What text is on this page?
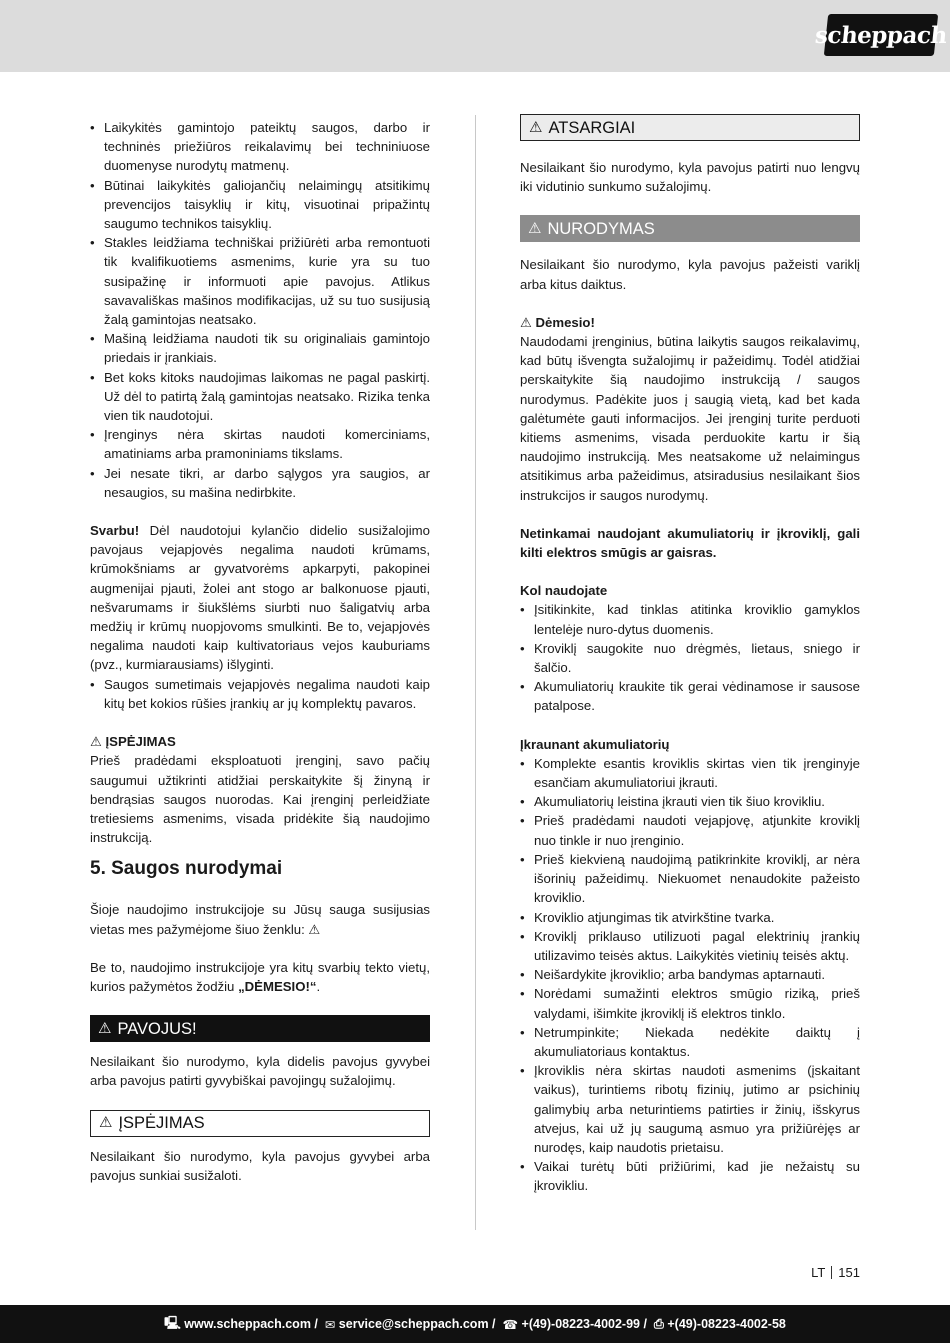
scheppach
• Laikykitės gamintojo pateiktų saugos, darbo ir techninės priežiūros reikalavimų bei techniniuose duomenyse nurodytų matmenų.
• Būtinai laikykitės galiojančių nelaimingų atsitikimų prevencijos taisyklių ir kitų, visuotinai pripažintų saugumo technikos taisyklių.
• Stakles leidžiama techniškai prižiūrėti arba remontuoti tik kvalifikuotiems asmenims, kurie yra su tuo susipažinę ir informuoti apie pavojus. Atlikus savavališkas mašinos modifikacijas, už su tuo susijusią žalą gamintojas neatsako.
• Mašiną leidžiama naudoti tik su originaliais gamintojo priedais ir įrankiais.
• Bet koks kitoks naudojimas laikomas ne pagal paskirtį. Už dėl to patirtą žalą gamintojas neatsako. Rizika tenka vien tik naudotojui.
• Įrenginys nėra skirtas naudoti komerciniams, amatiniams arba pramoniniams tikslams.
• Jei nesate tikri, ar darbo sąlygos yra saugios, ar nesaugios, su mašina nedirbkite.

Svarbu! Dėl naudotojui kylančio didelio susižalojimo pavojaus vejapjovės negalima naudoti krūmams, krūmokšniams ar gyvatvorėms apkarpyti, pakopinei augmenijai pjauti, žolei ant stogo ar balkonuose pjauti, nešvarumams ir šiukšlėms siurbti nuo šaligatvių arba medžių ir krūmų nuopjovoms smulkinti. Be to, vejapjovės negalima naudoti kaip kultivatoriaus vejos kauburiams (pvz., kurmiarausiams) išlyginti.

• Saugos sumetimais vejapjovės negalima naudoti kaip kitų bet kokios rūšies įrankių ar jų komplektų pavaros.

⚠ ĮSPĖJIMAS

Prieš pradėdami eksploatuoti įrenginį, savo pačių saugumui užtikrinti atidžiai perskaitykite šį žinyną ir bendrąsias saugos nuorodas. Kai įrenginį perleidžiate tretiesiems asmenims, visada pridėkite šią naudojimo instrukciją.

5. Saugos nurodymai

Šioje naudojimo instrukcijoje su Jūsų sauga susijusias vietas mes pažymėjome šiuo ženklu: ⚠

Be to, naudojimo instrukcijoje yra kitų svarbių tekto vietų, kurios pažymėtos žodžiu „DĖMESIO!“.

⚠ PAVOJUS!

Nesilaikant šio nurodymo, kyla didelis pavojus gyvybei arba pavojus patirti gyvybiškai pavojingų sužalojimų.

⚠ ĮSPĖJIMAS

Nesilaikant šio nurodymo, kyla pavojus gyvybei arba pavojus sunkiai susižaloti.

⚠ ATSARGIAI

Nesilaikant šio nurodymo, kyla pavojus patirti nuo lengvų iki vidutinio sunkumo sužalojimų.

⚠ NURODYMAS

Nesilaikant šio nurodymo, kyla pavojus pažeisti variklį arba kitus daiktus.

⚠ Dėmesio!

Naudodami įrenginius, būtina laikytis saugos reikalavimų, kad būtų išvengta sužalojimų ir pažeidimų. Todėl atidžiai perskaitykite šią naudojimo instrukciją / saugos nurodymus. Padėkite juos į saugią vietą, kad bet kada galėtumėte gauti informacijos. Jei įrenginį turite perduoti kitiems asmenims, visada perduokite kartu ir šią naudojimo instrukciją. Mes neatsakome už nelaimingus atsitikimus arba pažeidimus, atsiradusius nesilaikant šios instrukcijos ir saugos nurodymų.

Netinkamai naudojant akumuliatorių ir įkroviklį, gali kilti elektros smūgis ar gaisras.

Kol naudojate

• Įsitikinkite, kad tinklas atitinka kroviklio gamyklos lentelėje nuro-dytus duomenis.
• Kroviklį saugokite nuo drėgmės, lietaus, sniego ir šalčio.
• Akumuliatorių kraukite tik gerai vėdinamose ir sausose patalpose.

Įkraunant akumuliatorių

• Komplekte esantis kroviklis skirtas vien tik įrenginyje esančiam akumuliatoriui įkrauti.
• Akumuliatorių leistina įkrauti vien tik šiuo krovikliu.
• Prieš pradėdami naudoti vejapjovę, atjunkite kroviklį nuo tinkle ir nuo įrenginio.
• Prieš kiekvieną naudojimą patikrinkite kroviklį, ar nėra išorinių pažeidimų. Niekuomet nenaudokite pažeisto kroviklio.
• Kroviklio atjungimas tik atvirkštine tvarka.
• Kroviklį priklauso utilizuoti pagal elektrinių įrankių utilizavimo teisės aktus. Laikykitės vietinių teisės aktų.
• Neišardykite įkroviklio; arba bandymas aptarnauti.
• Norėdami sumažinti elektros smūgio riziką, prieš valydami, išimkite įkroviklį iš elektros tinklo.
• Netrumpinkite; Niekada nedėkite daiktų į akumuliatoriaus kontaktus.
• Įkroviklis nėra skirtas naudoti asmenims (įskaitant vaikus), turintiems ribotų fizinių, jutimo ar psichinių galimybių arba neturintiems patirties ir žinių, išskyrus atvejus, kai už jų saugumą asmuo yra prižiūrėjęs ar nurodęs, kaip naudotis prietaisu.
• Vaikai turėtų būti prižiūrimi, kad jie nežaistų su įkrovikliu.
LT 151
🖳 www.scheppach.com / ✉ service@scheppach.com / ☎ +(49)-08223-4002-99 / ⎙ +(49)-08223-4002-58
